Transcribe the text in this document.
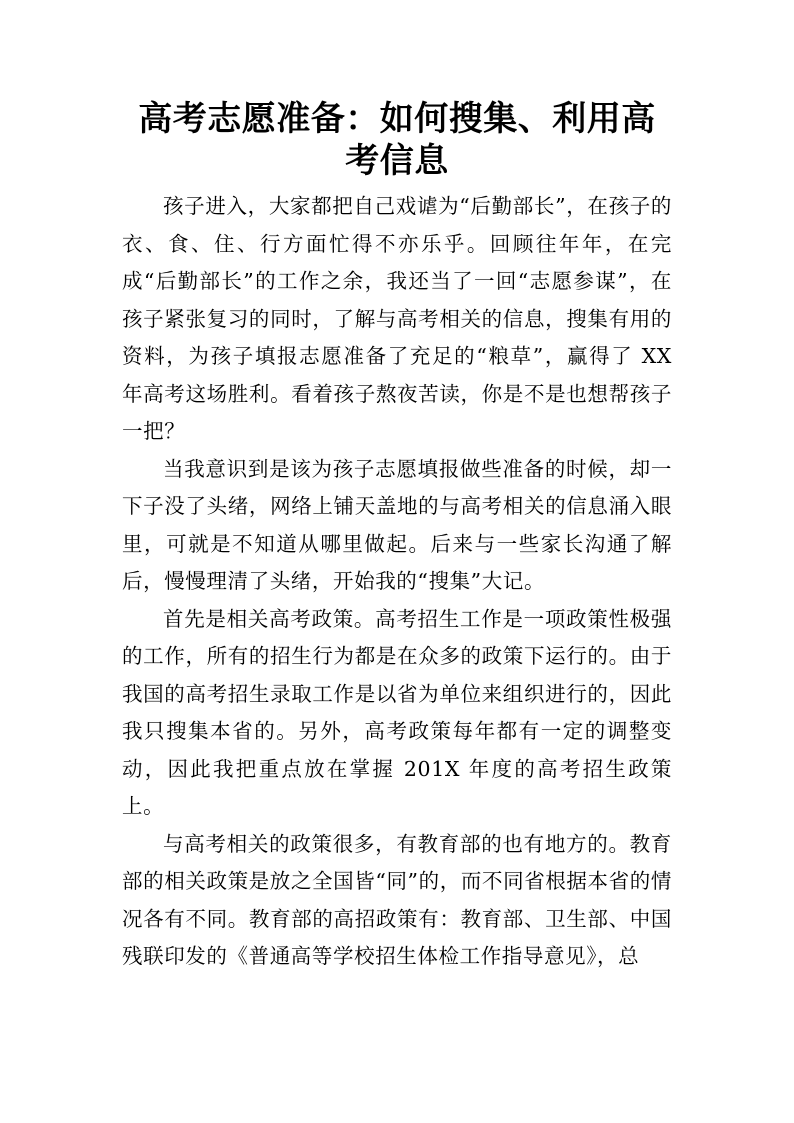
高考志愿准备：如何搜集、利用高考信息

孩子进入，大家都把自己戏谑为“后勤部长”，在孩子的衣、食、住、行方面忙得不亦乐乎。回顾往年年，在完成“后勤部长”的工作之余，我还当了一回“志愿参谋”，在孩子紧张复习的同时，了解与高考相关的信息，搜集有用的资料，为孩子填报志愿准备了充足的“粮草”，赢得了 XX 年高考这场胜利。看着孩子熬夜苦读，你是不是也想帮孩子一把？

当我意识到是该为孩子志愿填报做些准备的时候，却一下子没了头绪，网络上铺天盖地的与高考相关的信息涌入眼里，可就是不知道从哪里做起。后来与一些家长沟通了解后，慢慢理清了头绪，开始我的“搜集”大记。

首先是相关高考政策。高考招生工作是一项政策性极强的工作，所有的招生行为都是在众多的政策下运行的。由于我国的高考招生录取工作是以省为单位来组织进行的，因此我只搜集本省的。另外，高考政策每年都有一定的调整变动，因此我把重点放在掌握 201X 年度的高考招生政策上。

与高考相关的政策很多，有教育部的也有地方的。教育部的相关政策是放之全国皆“同”的，而不同省根据本省的情况各有不同。教育部的高招政策有：教育部、卫生部、中国残联印发的《普通高等学校招生体检工作指导意见》，总
